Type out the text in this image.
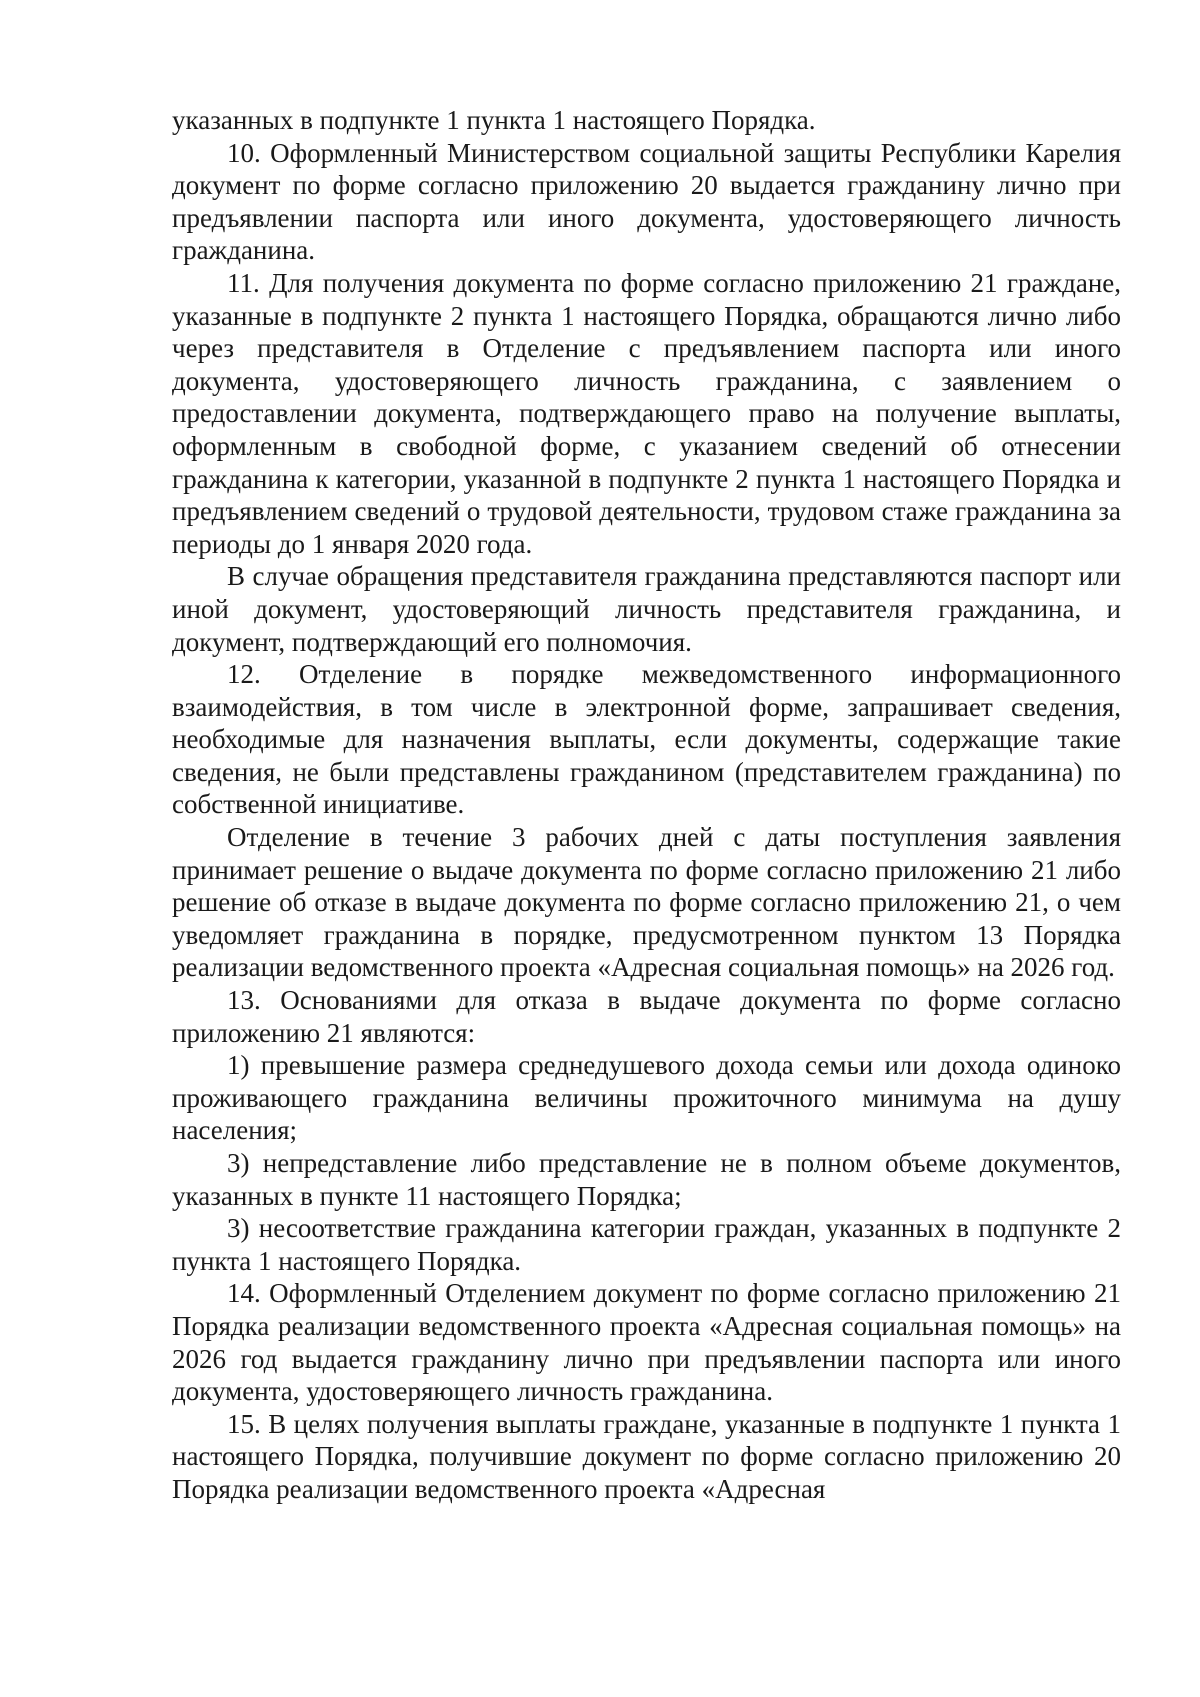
указанных в подпункте 1 пункта 1 настоящего Порядка.

10. Оформленный Министерством социальной защиты Республики Карелия документ по форме согласно приложению 20 выдается гражданину лично при предъявлении паспорта или иного документа, удостоверяющего личность гражданина.

11. Для получения документа по форме согласно приложению 21 граждане, указанные в подпункте 2 пункта 1 настоящего Порядка, обращаются лично либо через представителя в Отделение с предъявлением паспорта или иного документа, удостоверяющего личность гражданина, с заявлением о предоставлении документа, подтверждающего право на получение выплаты, оформленным в свободной форме, с указанием сведений об отнесении гражданина к категории, указанной в подпункте 2 пункта 1 настоящего Порядка и предъявлением сведений о трудовой деятельности, трудовом стаже гражданина за периоды до 1 января 2020 года.

В случае обращения представителя гражданина представляются паспорт или иной документ, удостоверяющий личность представителя гражданина, и документ, подтверждающий его полномочия.

12. Отделение в порядке межведомственного информационного взаимодействия, в том числе в электронной форме, запрашивает сведения, необходимые для назначения выплаты, если документы, содержащие такие сведения, не были представлены гражданином (представителем гражданина) по собственной инициативе.

Отделение в течение 3 рабочих дней с даты поступления заявления принимает решение о выдаче документа по форме согласно приложению 21 либо решение об отказе в выдаче документа по форме согласно приложению 21, о чем уведомляет гражданина в порядке, предусмотренном пунктом 13 Порядка реализации ведомственного проекта «Адресная социальная помощь» на 2026 год.

13. Основаниями для отказа в выдаче документа по форме согласно приложению 21 являются:

1) превышение размера среднедушевого дохода семьи или дохода одиноко проживающего гражданина величины прожиточного минимума на душу населения;

3) непредставление либо представление не в полном объеме документов, указанных в пункте 11 настоящего Порядка;

3) несоответствие гражданина категории граждан, указанных в подпункте 2 пункта 1 настоящего Порядка.

14. Оформленный Отделением документ по форме согласно приложению 21 Порядка реализации ведомственного проекта «Адресная социальная помощь» на 2026 год выдается гражданину лично при предъявлении паспорта или иного документа, удостоверяющего личность гражданина.

15. В целях получения выплаты граждане, указанные в подпункте 1 пункта 1 настоящего Порядка, получившие документ по форме согласно приложению 20 Порядка реализации ведомственного проекта «Адресная
